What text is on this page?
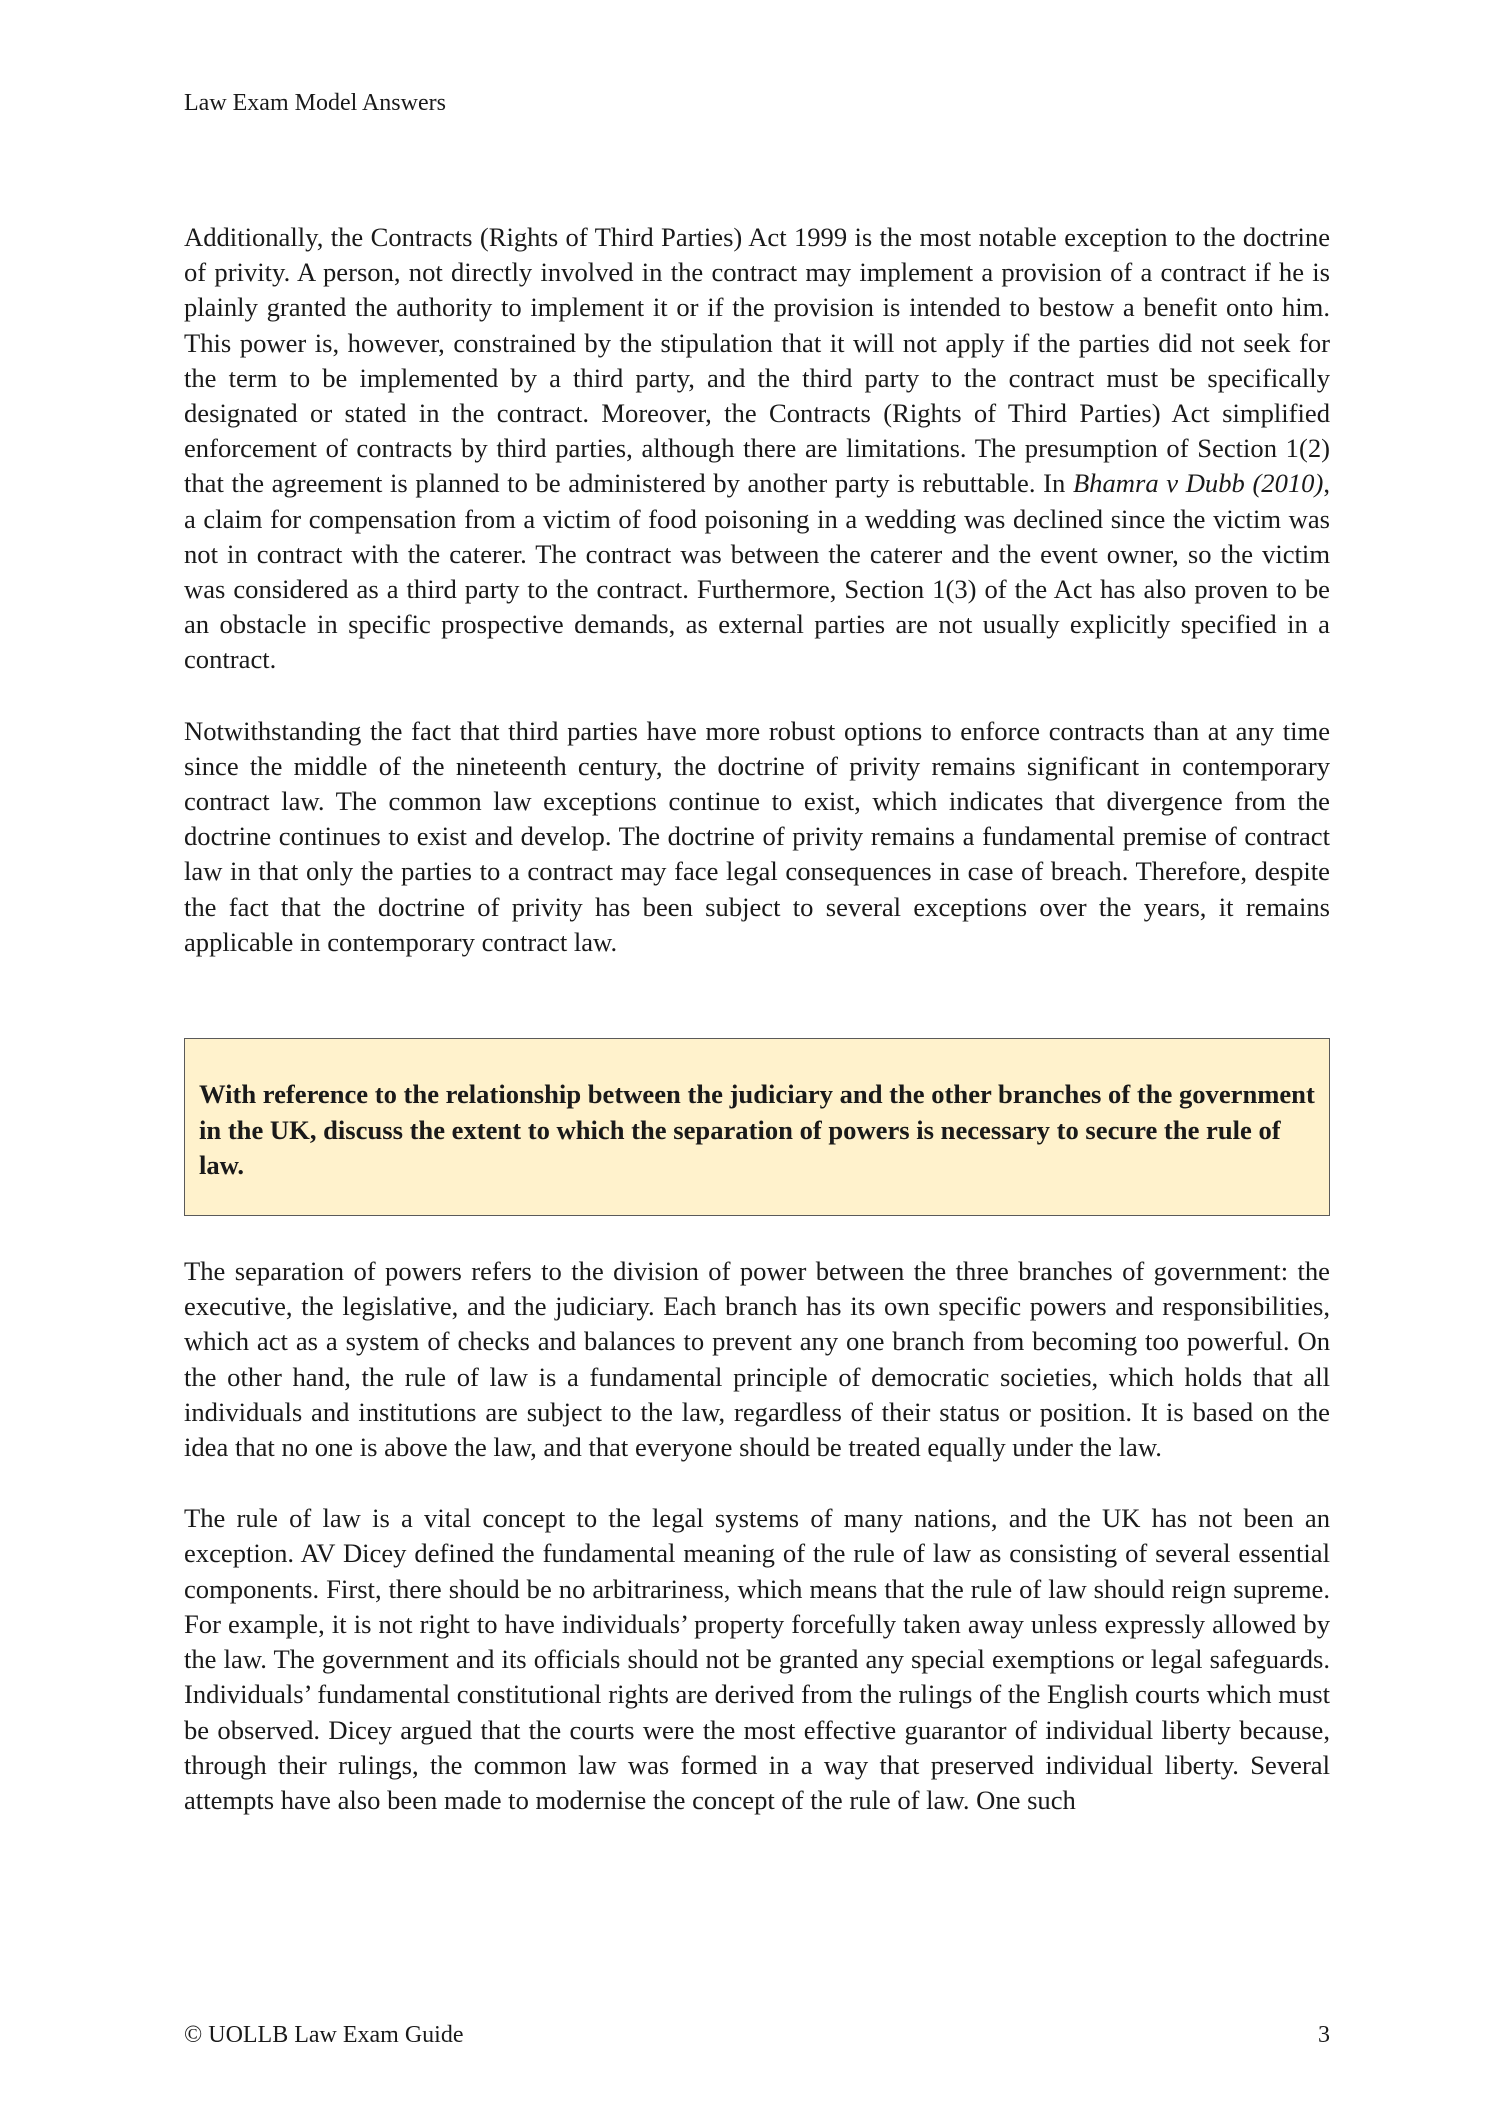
Law Exam Model Answers

Additionally, the Contracts (Rights of Third Parties) Act 1999 is the most notable exception to the doctrine of privity. A person, not directly involved in the contract may implement a provision of a contract if he is plainly granted the authority to implement it or if the provision is intended to bestow a benefit onto him. This power is, however, constrained by the stipulation that it will not apply if the parties did not seek for the term to be implemented by a third party, and the third party to the contract must be specifically designated or stated in the contract. Moreover, the Contracts (Rights of Third Parties) Act simplified enforcement of contracts by third parties, although there are limitations. The presumption of Section 1(2) that the agreement is planned to be administered by another party is rebuttable. In Bhamra v Dubb (2010), a claim for compensation from a victim of food poisoning in a wedding was declined since the victim was not in contract with the caterer. The contract was between the caterer and the event owner, so the victim was considered as a third party to the contract. Furthermore, Section 1(3) of the Act has also proven to be an obstacle in specific prospective demands, as external parties are not usually explicitly specified in a contract.

Notwithstanding the fact that third parties have more robust options to enforce contracts than at any time since the middle of the nineteenth century, the doctrine of privity remains significant in contemporary contract law. The common law exceptions continue to exist, which indicates that divergence from the doctrine continues to exist and develop. The doctrine of privity remains a fundamental premise of contract law in that only the parties to a contract may face legal consequences in case of breach. Therefore, despite the fact that the doctrine of privity has been subject to several exceptions over the years, it remains applicable in contemporary contract law.

With reference to the relationship between the judiciary and the other branches of the government in the UK, discuss the extent to which the separation of powers is necessary to secure the rule of law.

The separation of powers refers to the division of power between the three branches of government: the executive, the legislative, and the judiciary. Each branch has its own specific powers and responsibilities, which act as a system of checks and balances to prevent any one branch from becoming too powerful. On the other hand, the rule of law is a fundamental principle of democratic societies, which holds that all individuals and institutions are subject to the law, regardless of their status or position. It is based on the idea that no one is above the law, and that everyone should be treated equally under the law.

The rule of law is a vital concept to the legal systems of many nations, and the UK has not been an exception. AV Dicey defined the fundamental meaning of the rule of law as consisting of several essential components. First, there should be no arbitrariness, which means that the rule of law should reign supreme. For example, it is not right to have individuals’ property forcefully taken away unless expressly allowed by the law. The government and its officials should not be granted any special exemptions or legal safeguards. Individuals’ fundamental constitutional rights are derived from the rulings of the English courts which must be observed. Dicey argued that the courts were the most effective guarantor of individual liberty because, through their rulings, the common law was formed in a way that preserved individual liberty. Several attempts have also been made to modernise the concept of the rule of law. One such

© UOLLB Law Exam Guide	3
